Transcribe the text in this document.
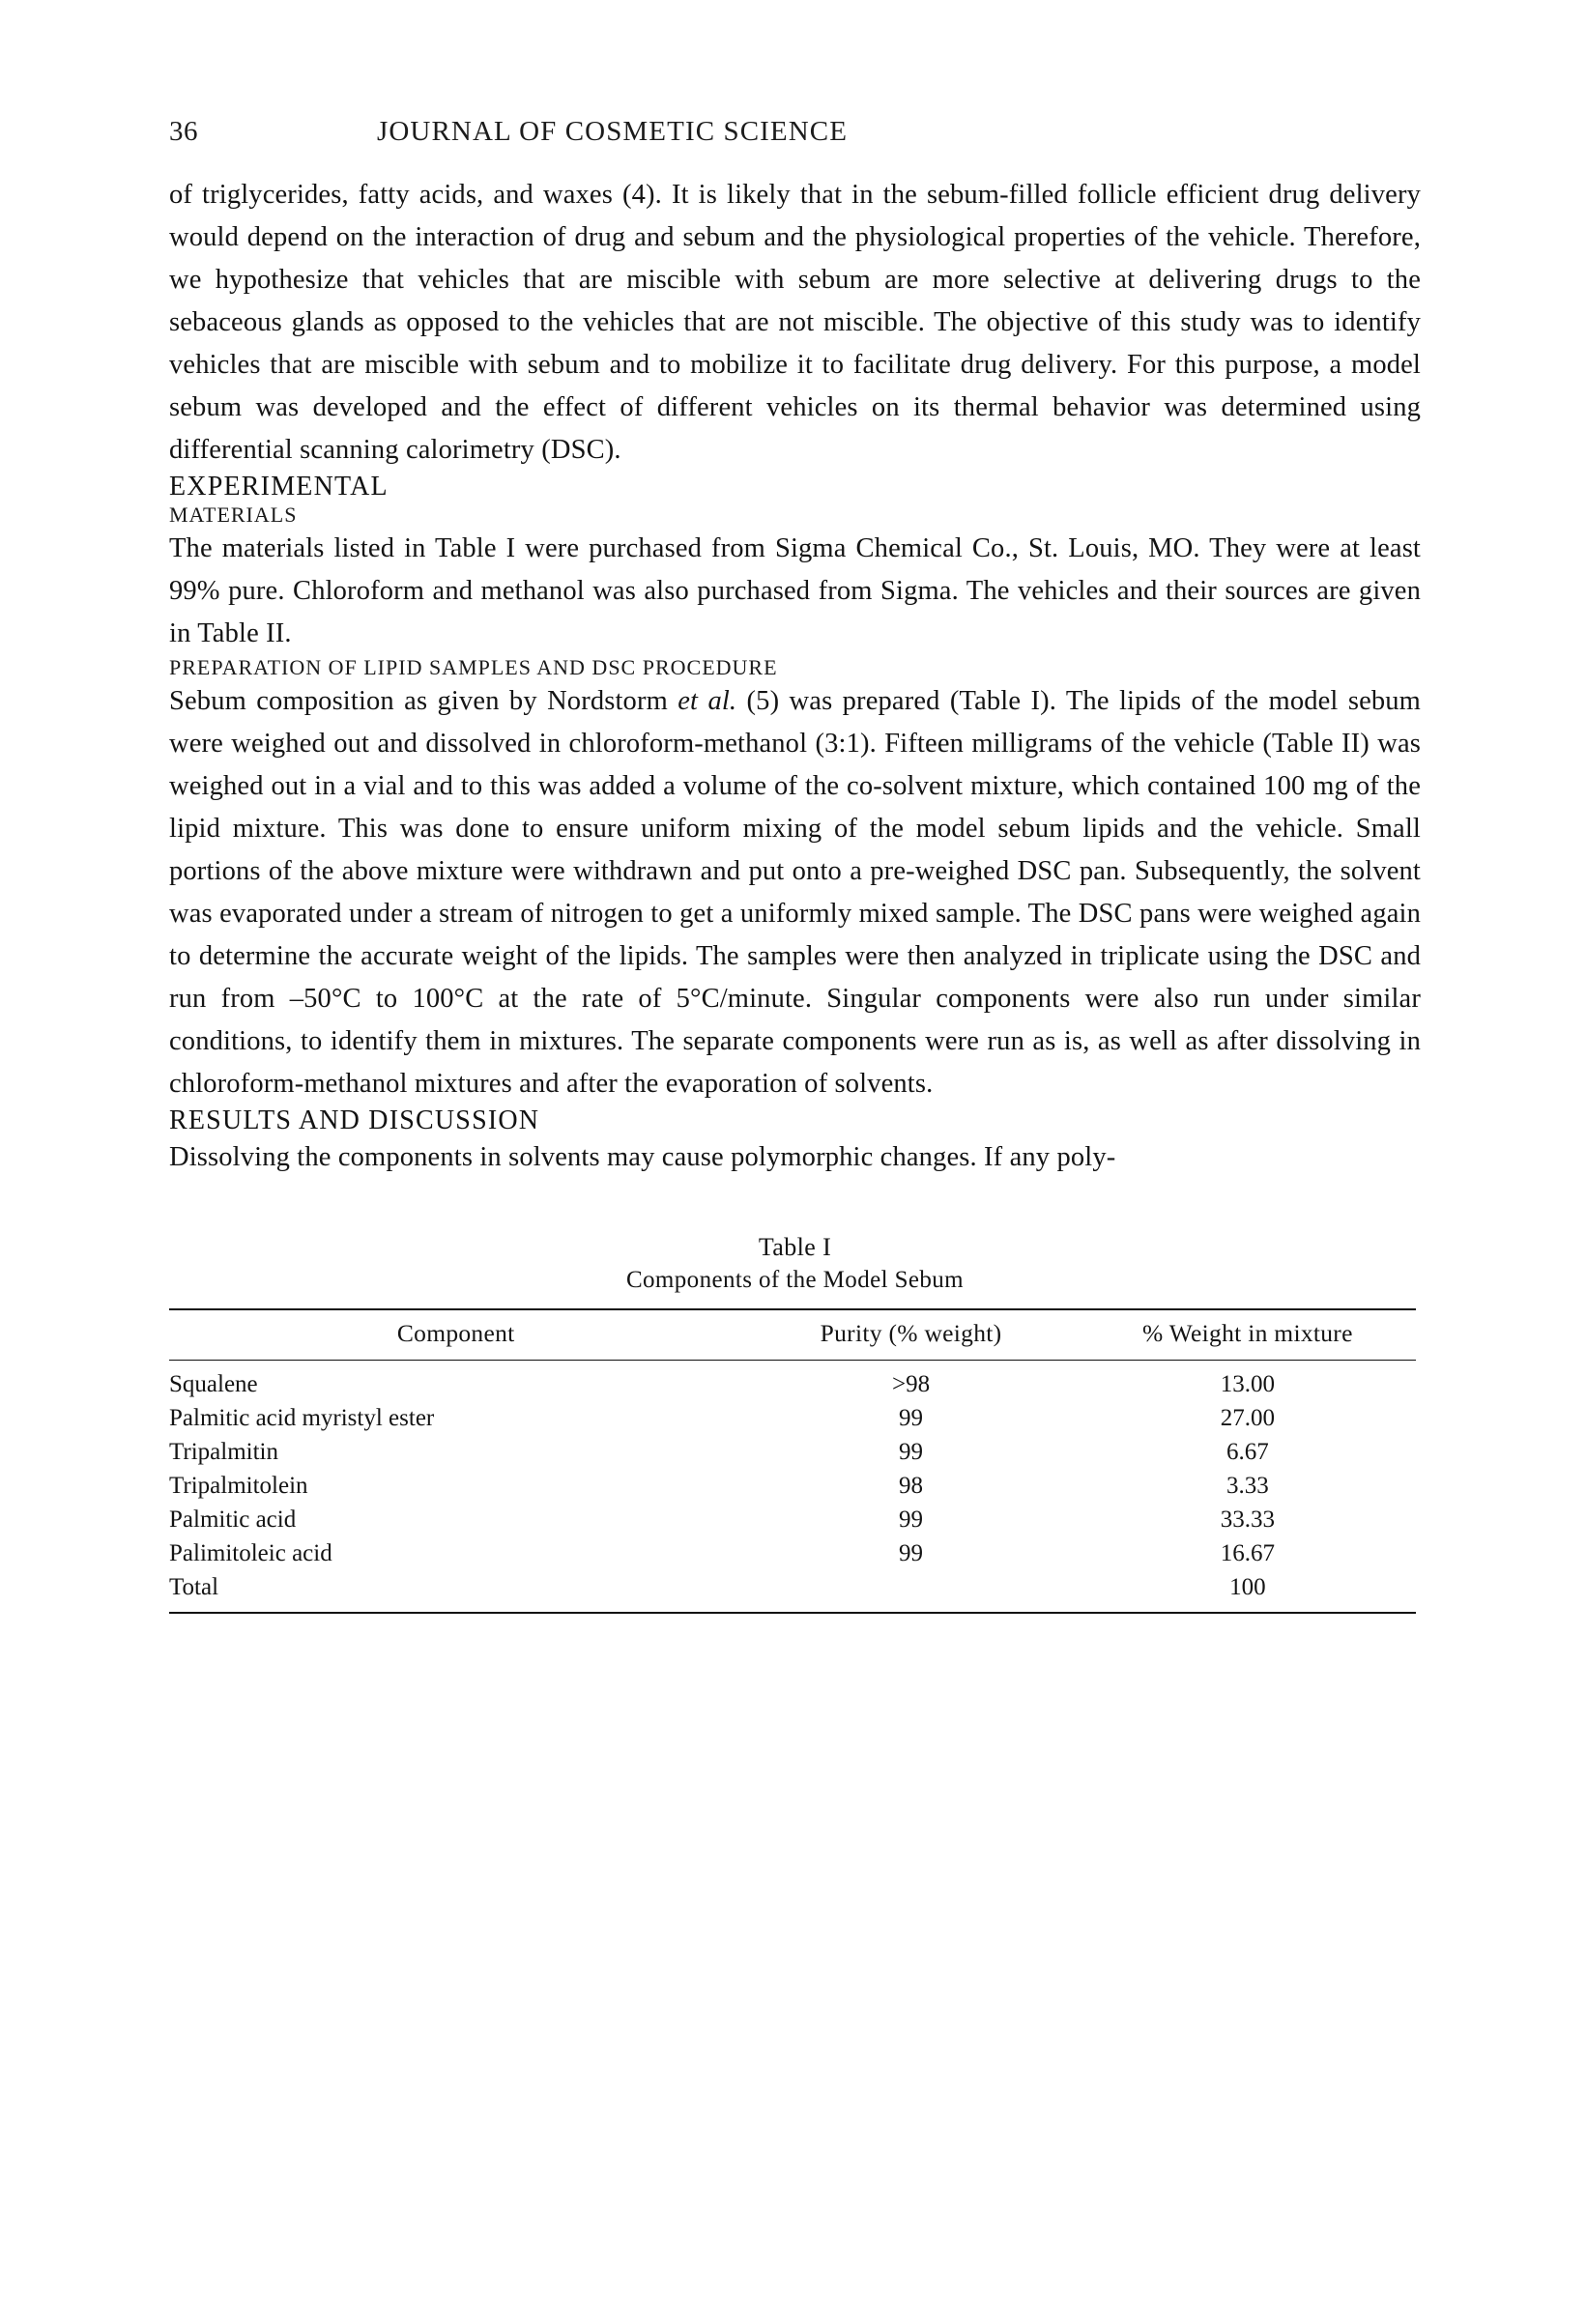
36	JOURNAL OF COSMETIC SCIENCE

of triglycerides, fatty acids, and waxes (4). It is likely that in the sebum-filled follicle efficient drug delivery would depend on the interaction of drug and sebum and the physiological properties of the vehicle. Therefore, we hypothesize that vehicles that are miscible with sebum are more selective at delivering drugs to the sebaceous glands as opposed to the vehicles that are not miscible. The objective of this study was to identify vehicles that are miscible with sebum and to mobilize it to facilitate drug delivery. For this purpose, a model sebum was developed and the effect of different vehicles on its thermal behavior was determined using differential scanning calorimetry (DSC).

EXPERIMENTAL
MATERIALS

The materials listed in Table I were purchased from Sigma Chemical Co., St. Louis, MO. They were at least 99% pure. Chloroform and methanol was also purchased from Sigma. The vehicles and their sources are given in Table II.

PREPARATION OF LIPID SAMPLES AND DSC PROCEDURE

Sebum composition as given by Nordstorm et al. (5) was prepared (Table I). The lipids of the model sebum were weighed out and dissolved in chloroform-methanol (3:1). Fifteen milligrams of the vehicle (Table II) was weighed out in a vial and to this was added a volume of the co-solvent mixture, which contained 100 mg of the lipid mixture. This was done to ensure uniform mixing of the model sebum lipids and the vehicle. Small portions of the above mixture were withdrawn and put onto a pre-weighed DSC pan. Subsequently, the solvent was evaporated under a stream of nitrogen to get a uniformly mixed sample. The DSC pans were weighed again to determine the accurate weight of the lipids. The samples were then analyzed in triplicate using the DSC and run from –50°C to 100°C at the rate of 5°C/minute. Singular components were also run under similar conditions, to identify them in mixtures. The separate components were run as is, as well as after dissolving in chloroform-methanol mixtures and after the evaporation of solvents.

RESULTS AND DISCUSSION

Dissolving the components in solvents may cause polymorphic changes. If any poly-

Table I
Components of the Model Sebum
Component	Purity (% weight)	% Weight in mixture
Squalene	>98	13.00
Palmitic acid myristyl ester	99	27.00
Tripalmitin	99	6.67
Tripalmitolein	98	3.33
Palmitic acid	99	33.33
Palimitoleic acid	99	16.67
Total		100
